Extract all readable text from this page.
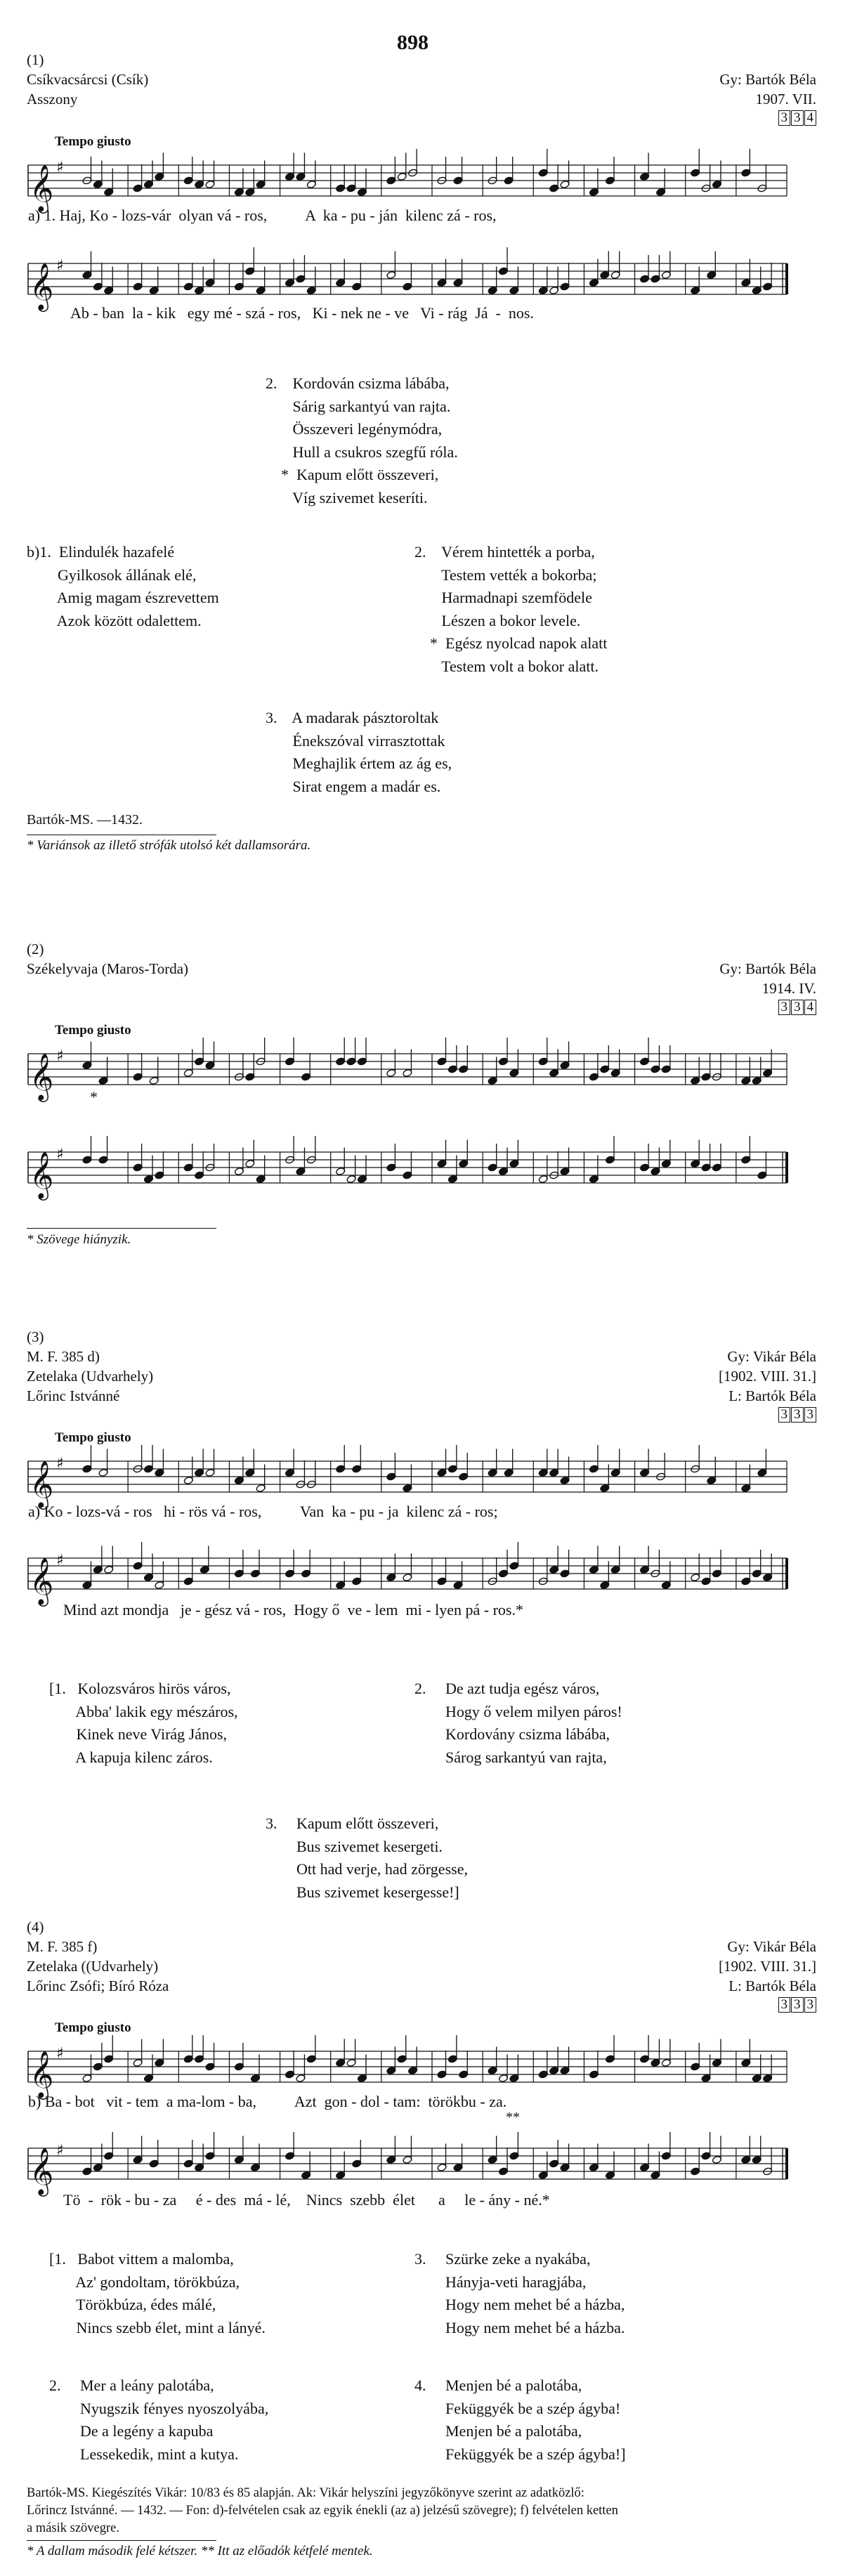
898
(1)
Csíkvacsárcsi (Csík)
Asszony
Gy: Bartók Béla
1907. VII.
3 3 4
Tempo giusto
𝄞 ♯
a) 1. Haj, Ko - lozs-vár  olyan vá - ros,          A  ka - pu - ján  kilenc zá - ros,
𝄞 ♯
Ab - ban  la - kik   egy mé - szá - ros,   Ki - nek ne - ve   Vi - rág  Já  -  nos.
2.    Kordován csizma lábába,
Sárig sarkantyú van rajta.
Összeveri legénymódra,
Hull a csukros szegfű róla.
*  Kapum előtt összeveri,
Víg szivemet keseríti.
b)1.  Elindulék hazafelé
Gyilkosok állának elé,
Amig magam észrevettem
Azok között odalettem.
2.    Vérem hintették a porba,
Testem vették a bokorba;
Harmadnapi szemfödele
Lészen a bokor levele.
*  Egész nyolcad napok alatt
Testem volt a bokor alatt.
3.    A madarak pásztoroltak
Énekszóval virrasztottak
Meghajlik értem az ág es,
Sirat engem a madár es.
Bartók-MS. —1432.
* Variánsok az illető strófák utolsó két dallamsorára.
(2)
Székelyvaja (Maros-Torda)	Gy: Bartók Béla
1914. IV.
3 3 4
Tempo giusto
𝄞 ♯
*
𝄞 ♯
* Szövege hiányzik.
(3)
M. F. 385 d)
Zetelaka (Udvarhely)
Lőrinc Istvánné
Gy: Vikár Béla
[1902. VIII. 31.]
L: Bartók Béla
3 3 3
Tempo giusto
𝄞 ♯
a) Ko - lozs-vá - ros   hi - rös vá - ros,          Van  ka - pu - ja  kilenc zá - ros;
𝄞 ♯
Mind azt mondja   je - gész vá - ros,  Hogy ő  ve - lem  mi - lyen pá - ros.*
[1.   Kolozsváros hirös város,
Abba' lakik egy mészáros,
Kinek neve Virág János,
A kapuja kilenc záros.
2.     De azt tudja egész város,
Hogy ő velem milyen páros!
Kordovány csizma lábába,
Sárog sarkantyú van rajta,
3.     Kapum előtt összeveri,
Bus szivemet kesergeti.
Ott had verje, had zörgesse,
Bus szivemet kesergesse!]
(4)
M. F. 385 f)
Zetelaka ((Udvarhely)
Lőrinc Zsófi; Bíró Róza
Gy: Vikár Béla
[1902. VIII. 31.]
L: Bartók Béla
3 3 3
Tempo giusto
𝄞 ♯
b) Ba - bot   vit - tem  a ma-lom - ba,          Azt  gon - dol - tam:  törökbu - za.
**
𝄞 ♯
Tö  -  rök - bu - za     é - des  má - lé,    Nincs  szebb  élet      a     le - ány - né.*
[1.   Babot vittem a malomba,
Az' gondoltam, törökbúza,
Törökbúza, édes málé,
Nincs szebb élet, mint a lányé.
3.     Szürke zeke a nyakába,
Hányja-veti haragjába,
Hogy nem mehet bé a házba,
Hogy nem mehet bé a házba.
2.     Mer a leány palotába,
Nyugszik fényes nyoszolyába,
De a legény a kapuba
Lessekedik, mint a kutya.
4.     Menjen bé a palotába,
Feküggyék be a szép ágyba!
Menjen bé a palotába,
Feküggyék be a szép ágyba!]
Bartók-MS. Kiegészítés Vikár: 10/83 és 85 alapján. Ak: Vikár helyszíni jegyzőkönyve szerint az adatközlő:
Lőrincz Istvánné. — 1432. — Fon: d)-felvételen csak az egyik énekli (az a) jelzésű szövegre); f) felvételen ketten
a másik szövegre.
* A dallam második felé kétszer. ** Itt az előadók kétfelé mentek.
